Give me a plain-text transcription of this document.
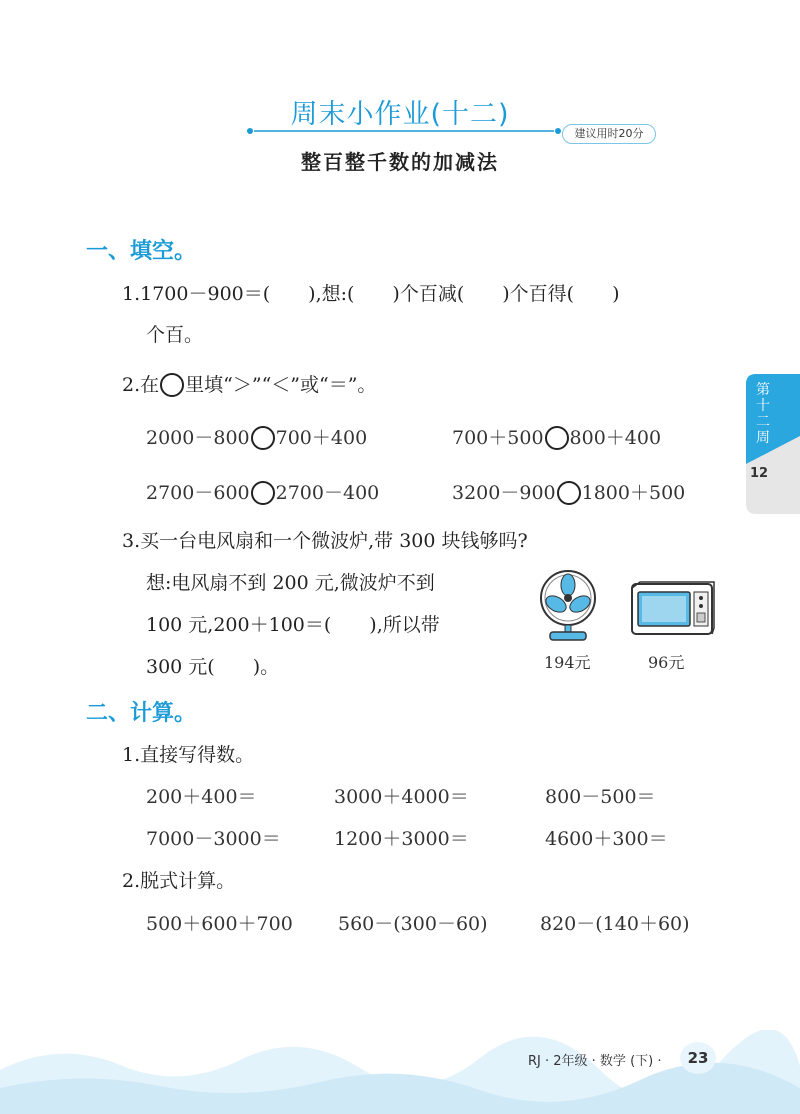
周末小作业(十二)
建议用时20分
整百整千数的加减法
第十二周
12
一、填空。
1.1700－900＝(　　),想:(　　)个百减(　　)个百得(　　)
个百。
2.在 里填“＞”“＜”或“＝”。
2000－800 700＋400	700＋500 800＋400
2700－600 2700－400	3200－900 1800＋500
3.买一台电风扇和一个微波炉,带 300 块钱够吗?
想:电风扇不到 200 元,微波炉不到
100 元,200＋100＝(　　),所以带
300 元(　　)。	194元	96元
二、计算。
1.直接写得数。
200＋400＝	3000＋4000＝	800－500＝
7000－3000＝	1200＋3000＝	4600＋300＝
2.脱式计算。
500＋600＋700 560－(300－60)	820－(140＋60)
RJ · 2年级 · 数学 (下) ·	23
